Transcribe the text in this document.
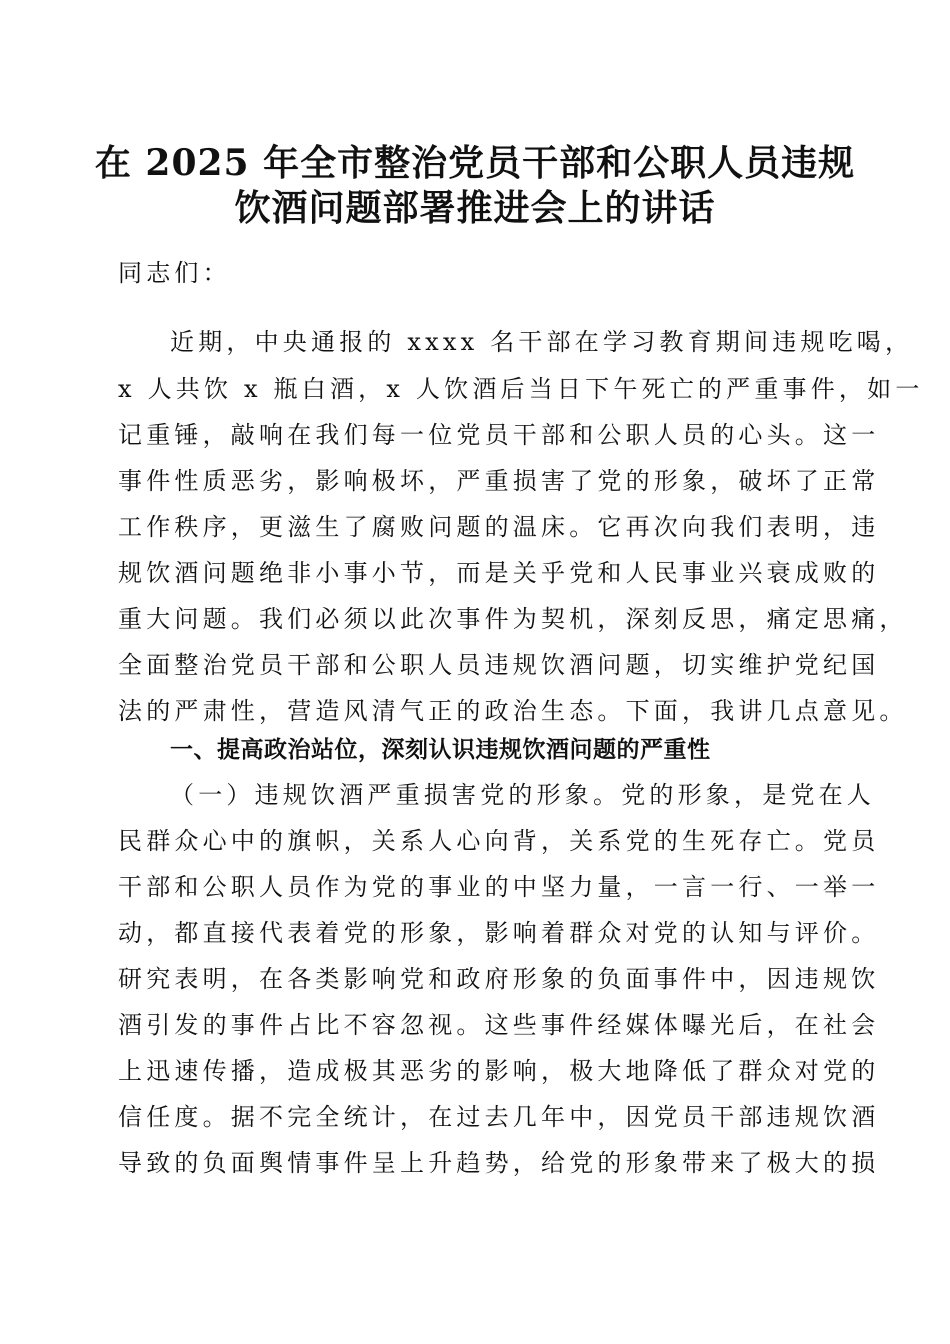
在 2025 年全市整治党员干部和公职人员违规
饮酒问题部署推进会上的讲话
同志们：
近期，中央通报的 xxxx 名干部在学习教育期间违规吃喝，
x 人共饮 x 瓶白酒，x 人饮酒后当日下午死亡的严重事件，如一
记重锤，敲响在我们每一位党员干部和公职人员的心头。这一
事件性质恶劣，影响极坏，严重损害了党的形象，破坏了正常
工作秩序，更滋生了腐败问题的温床。它再次向我们表明，违
规饮酒问题绝非小事小节，而是关乎党和人民事业兴衰成败的
重大问题。我们必须以此次事件为契机，深刻反思，痛定思痛，
全面整治党员干部和公职人员违规饮酒问题，切实维护党纪国
法的严肃性，营造风清气正的政治生态。下面，我讲几点意见。
一、提高政治站位，深刻认识违规饮酒问题的严重性
（一）违规饮酒严重损害党的形象。党的形象，是党在人
民群众心中的旗帜，关系人心向背，关系党的生死存亡。党员
干部和公职人员作为党的事业的中坚力量，一言一行、一举一
动，都直接代表着党的形象，影响着群众对党的认知与评价。
研究表明，在各类影响党和政府形象的负面事件中，因违规饮
酒引发的事件占比不容忽视。这些事件经媒体曝光后，在社会
上迅速传播，造成极其恶劣的影响，极大地降低了群众对党的
信任度。据不完全统计，在过去几年中，因党员干部违规饮酒
导致的负面舆情事件呈上升趋势，给党的形象带来了极大的损
